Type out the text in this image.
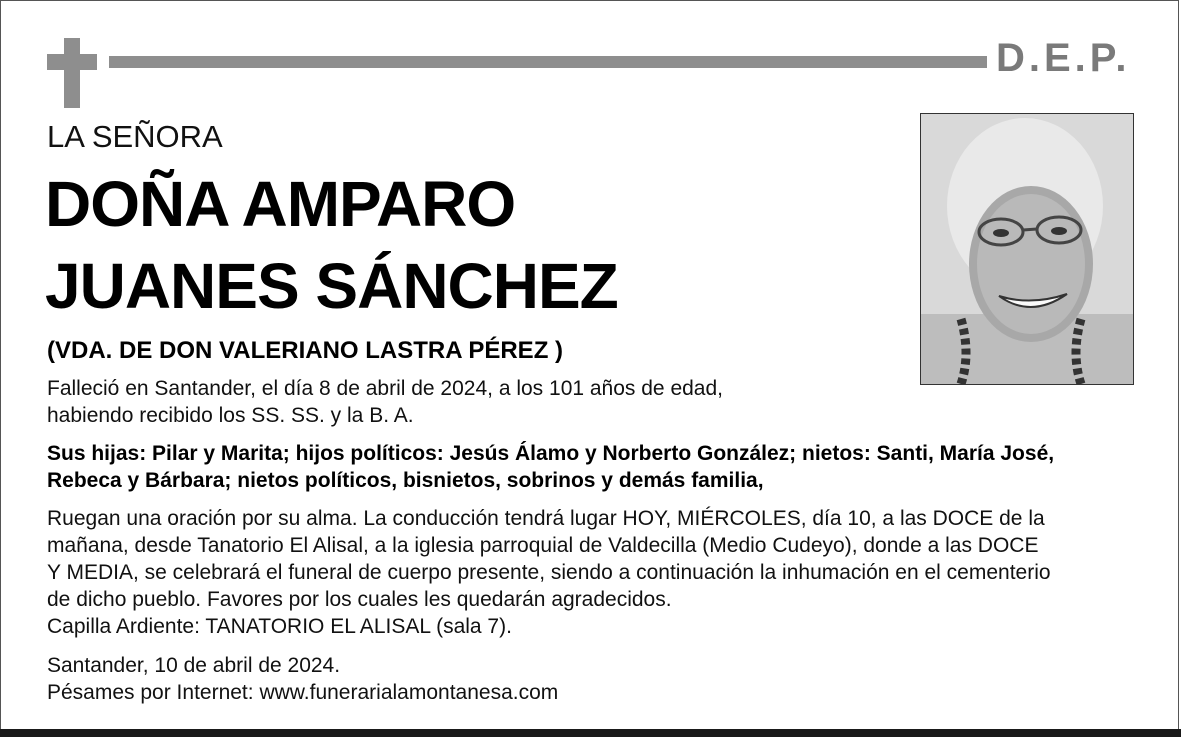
D.E.P.
LA SEÑORA
DOÑA AMPARO
JUANES SÁNCHEZ
(VDA. DE DON VALERIANO LASTRA PÉREZ )
Falleció en Santander, el día 8 de abril de 2024, a los 101 años de edad,
habiendo recibido los SS. SS. y la B. A.
Sus hijas: Pilar y Marita; hijos políticos: Jesús Álamo y Norberto González; nietos: Santi, María José,
Rebeca y Bárbara; nietos políticos, bisnietos, sobrinos y demás familia,
Ruegan una oración por su alma. La conducción tendrá lugar HOY, MIÉRCOLES, día 10, a las DOCE de la
mañana, desde Tanatorio El Alisal, a la iglesia parroquial de Valdecilla (Medio Cudeyo), donde a las DOCE
Y MEDIA, se celebrará el funeral de cuerpo presente, siendo a continuación la inhumación en el cementerio
de dicho pueblo. Favores por los cuales les quedarán agradecidos.
Capilla Ardiente: TANATORIO EL ALISAL (sala 7).
Santander, 10 de abril de 2024.
Pésames por Internet: www.funerarialamontanesa.com
